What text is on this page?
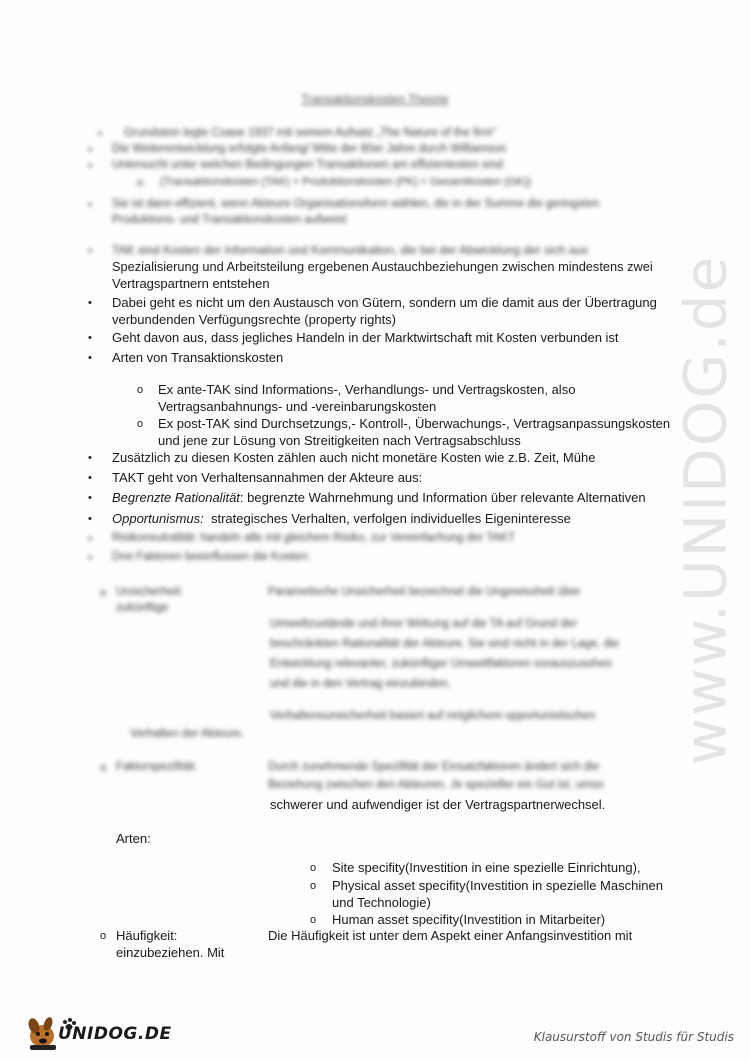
www.UNIDOG.de
Transaktionskosten Theorie
• Grundstein legte Coase 1937 mit seinem Aufsatz „The Nature of the firm“
• Die Weiterentwicklung erfolgte Anfang/ Mitte der 80er Jahre durch Williamson
• Untersucht unter welchen Bedingungen Transaktionen am effizientesten sind
o (Transaktionskosten (TAK) + Produktionskosten (PK) = Gesamtkosten (GK))
• Sie ist dann effizient, wenn Akteure Organisationsform wählen, die in der Summe die geringsten
Produktions- und Transaktionskosten aufweist
• TAK sind Kosten der Information und Kommunikation, die bei der Abwicklung der sich aus
Spezialisierung und Arbeitsteilung ergebenen Austauchbeziehungen zwischen mindestens zwei
Vertragspartnern entstehen
• Dabei geht es nicht um den Austausch von Gütern, sondern um die damit aus der Übertragung
verbundenden Verfügungsrechte (property rights)
• Geht davon aus, dass jegliches Handeln in der Marktwirtschaft mit Kosten verbunden ist
• Arten von Transaktionskosten
o Ex ante-TAK sind Informations-, Verhandlungs- und Vertragskosten, also
Vertragsanbahnungs- und -vereinbarungskosten
o Ex post-TAK sind Durchsetzungs,- Kontroll-, Überwachungs-, Vertragsanpassungskosten
und jene zur Lösung von Streitigkeiten nach Vertragsabschluss
• Zusätzlich zu diesen Kosten zählen auch nicht monetäre Kosten wie z.B. Zeit, Mühe
• TAKT geht von Verhaltensannahmen der Akteure aus:
• Begrenzte Rationalität: begrenzte Wahrnehmung und Information über relevante Alternativen
• Opportunismus:  strategisches Verhalten, verfolgen individuelles Eigeninteresse
• Risikoneutralität: handeln alle mit gleichem Risiko, zur Vereinfachung der TAKT
• Drei Faktoren beeinflussen die Kosten:
o Unsicherheit:
zukünftige
Parametische Unsicherheit bezeichnet die Ungewissheit über
Umweltzustände und ihrer Wirkung auf die TA auf Grund der
beschränkten Rationalität der Akteure. Sie sind nicht in der Lage, die
Entwicklung relevanter, zukünftiger Umweltfaktoren vorauszusehen
und die in den Vertrag einzubinden.
Verhaltensunsicherheit basiert auf möglichem opportunistischen
Verhalten der Akteure.
o Faktorspezifität:	Durch zunehmende Spezifität der Einsatzfaktoren ändert sich die
Beziehung zwischen den Akteuren. Je spezieller ein Gut ist, umso
schwerer und aufwendiger ist der Vertragspartnerwechsel.
Arten:
o Site specifity(Investition in eine spezielle Einrichtung),
o Physical asset specifity(Investition in spezielle Maschinen
und Technologie)
o Human asset specifity(Investition in Mitarbeiter)
o Häufigkeit:	Die Häufigkeit ist unter dem Aspekt einer Anfangsinvestition mit
einzubeziehen. Mit
UNIDOG.DE	Klausurstoff von Studis für Studis
